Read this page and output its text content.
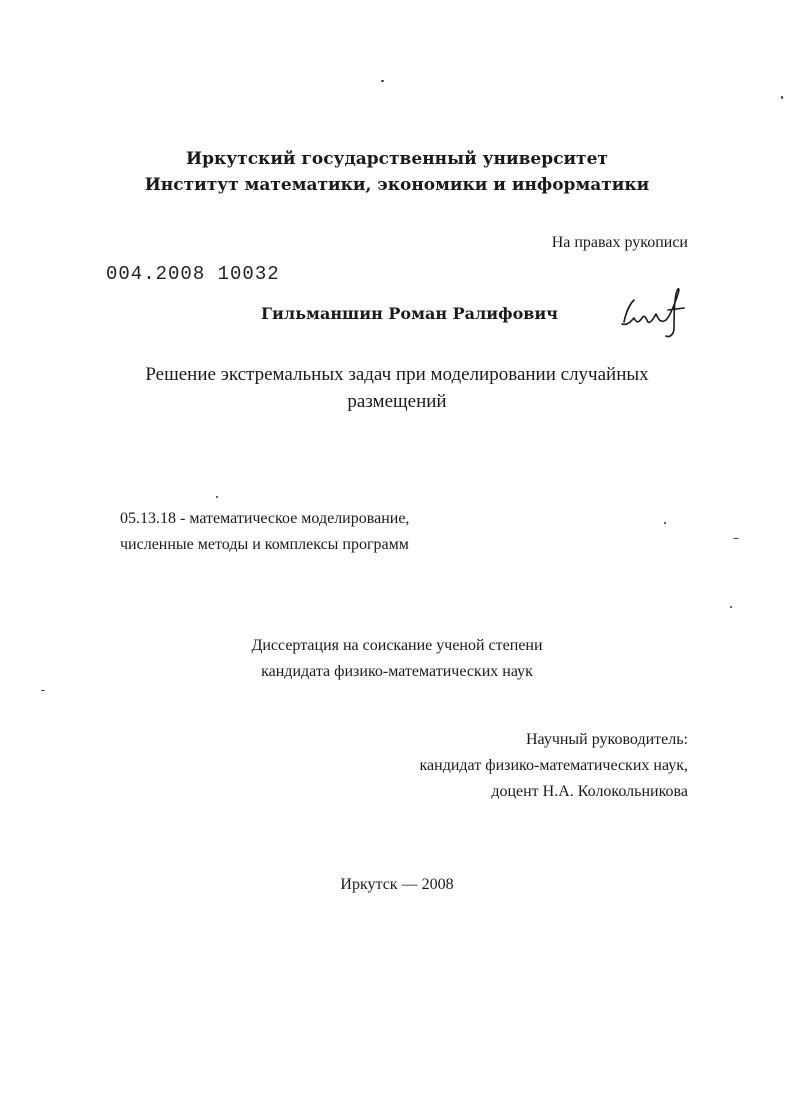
Иркутский государственный университет
Институт математики, экономики и информатики
На правах рукописи
004.2008 10032
Гильманшин Роман Ралифович
Решение экстремальных задач при моделировании случайных
размещений
05.13.18 - математическое моделирование,
численные методы и комплексы программ
Диссертация на соискание ученой степени
кандидата физико-математических наук
Научный руководитель:
кандидат физико-математических наук,
доцент Н.А. Колокольникова
Иркутск — 2008
